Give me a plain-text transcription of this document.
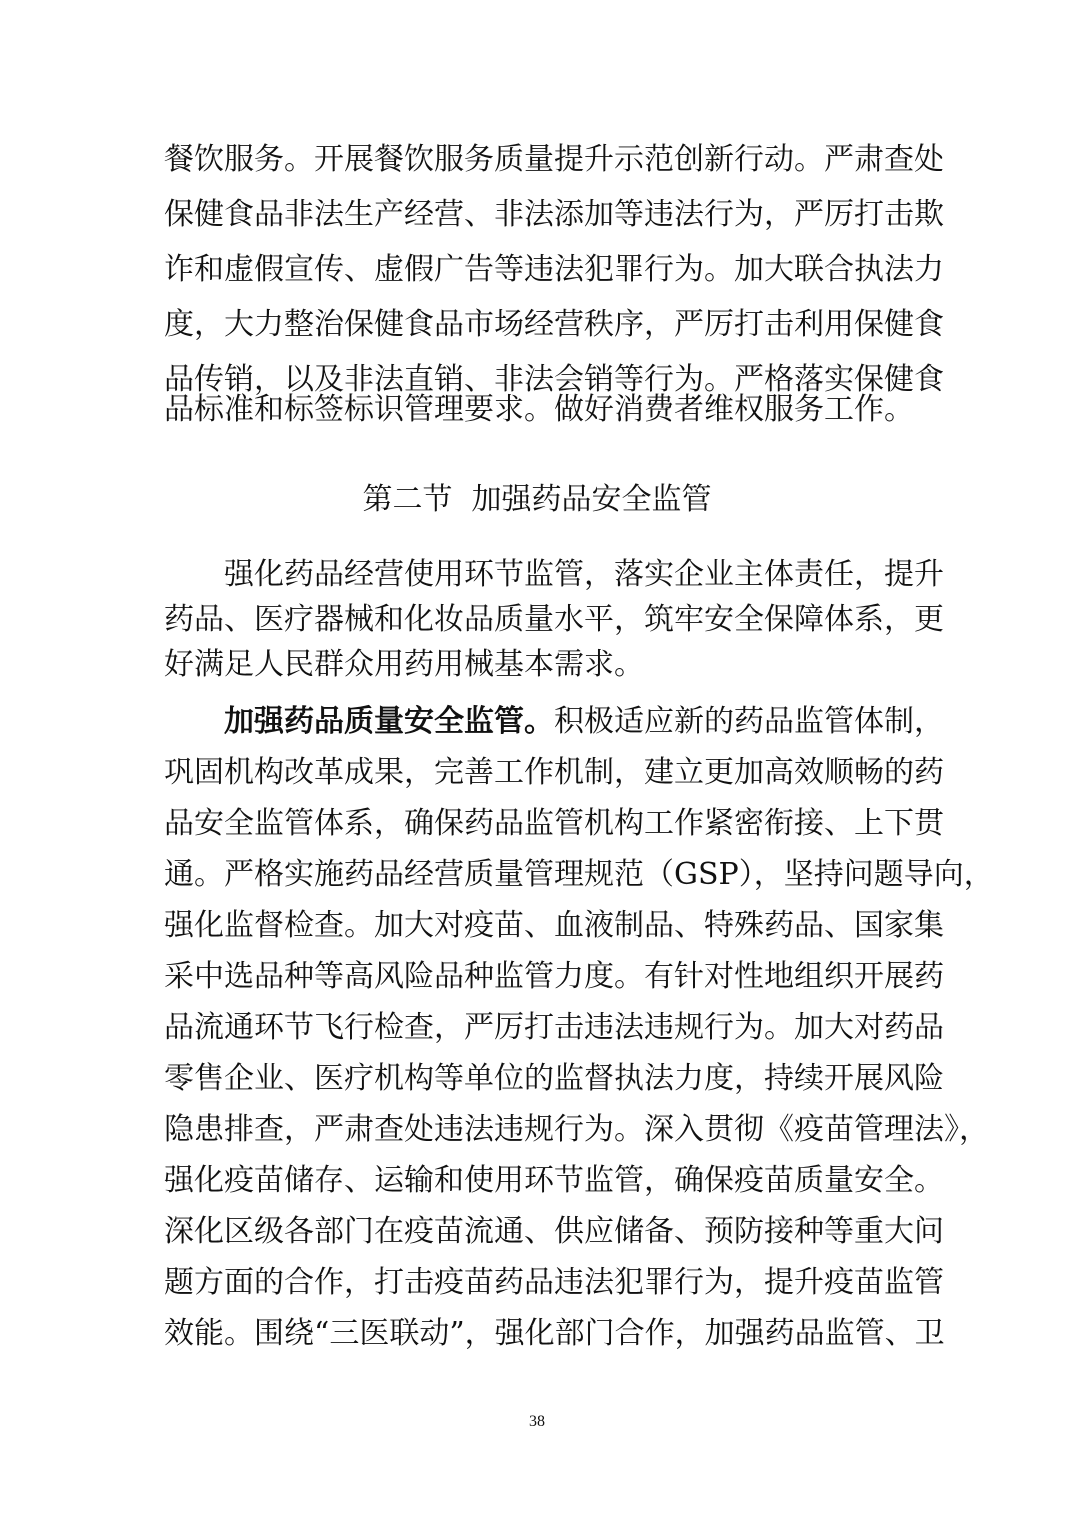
餐饮服务。开展餐饮服务质量提升示范创新行动。严肃查处
保健食品非法生产经营、非法添加等违法行为，严厉打击欺
诈和虚假宣传、虚假广告等违法犯罪行为。加大联合执法力
度，大力整治保健食品市场经营秩序，严厉打击利用保健食
品传销，以及非法直销、非法会销等行为。严格落实保健食
品标准和标签标识管理要求。做好消费者维权服务工作。
第二节  加强药品安全监管
强化药品经营使用环节监管，落实企业主体责任，提升
药品、医疗器械和化妆品质量水平，筑牢安全保障体系，更
好满足人民群众用药用械基本需求。
加强药品质量安全监管。积极适应新的药品监管体制，
巩固机构改革成果，完善工作机制，建立更加高效顺畅的药
品安全监管体系，确保药品监管机构工作紧密衔接、上下贯
通。严格实施药品经营质量管理规范（GSP），坚持问题导向，
强化监督检查。加大对疫苗、血液制品、特殊药品、国家集
采中选品种等高风险品种监管力度。有针对性地组织开展药
品流通环节飞行检查，严厉打击违法违规行为。加大对药品
零售企业、医疗机构等单位的监督执法力度，持续开展风险
隐患排查，严肃查处违法违规行为。深入贯彻《疫苗管理法》，
强化疫苗储存、运输和使用环节监管，确保疫苗质量安全。
深化区级各部门在疫苗流通、供应储备、预防接种等重大问
题方面的合作，打击疫苗药品违法犯罪行为，提升疫苗监管
效能。围绕“三医联动”，强化部门合作，加强药品监管、卫
38
